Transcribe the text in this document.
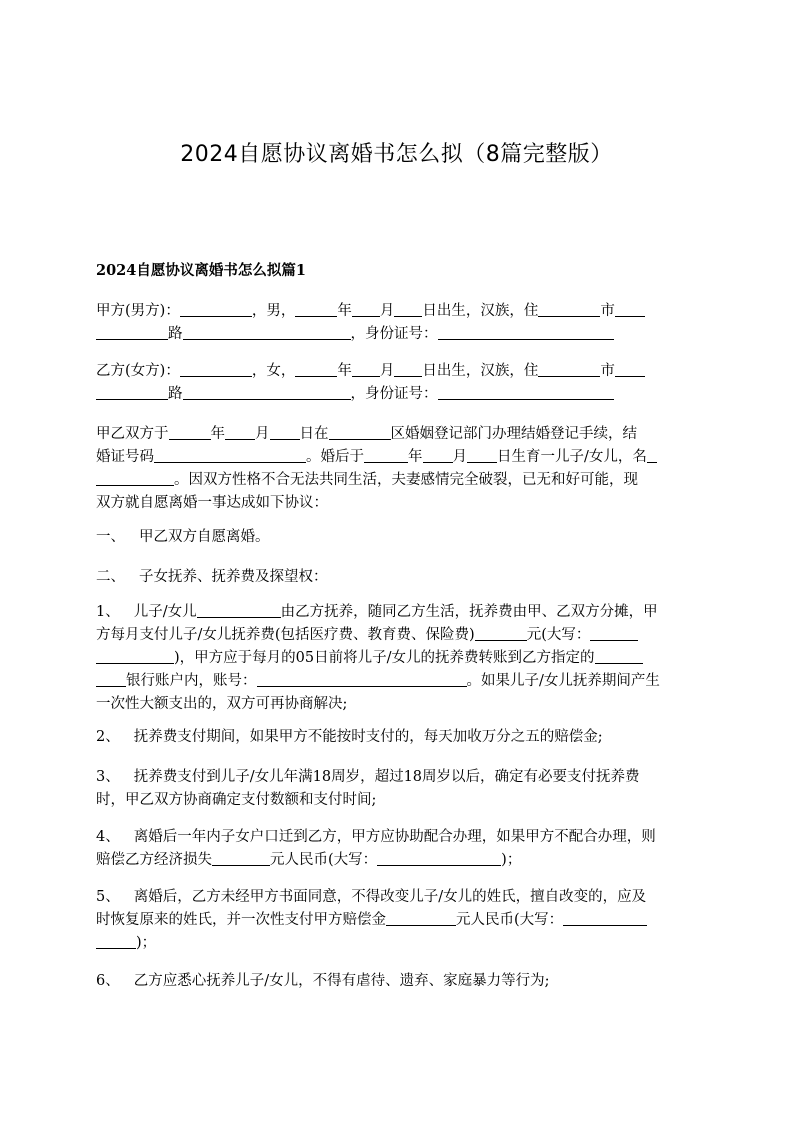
2024自愿协议离婚书怎么拟（8篇完整版）
2024自愿协议离婚书怎么拟篇1
甲方(男方)：	，男，	年 月 日出生，汉族，住	市
路	，身份证号：
乙方(女方)：	，女，	年 月 日出生，汉族，住	市
路	，身份证号：
甲乙双方于	年 月 日在	区婚姻登记部门办理结婚登记手续，结
婚证号码	。婚后于	年 月 日生育一儿子/女儿，名
。因双方性格不合无法共同生活，夫妻感情完全破裂，已无和好可能，现
双方就自愿离婚一事达成如下协议：
一、 甲乙双方自愿离婚。
二、 子女抚养、抚养费及探望权：
1、 儿子/女儿	由乙方抚养，随同乙方生活，抚养费由甲、乙双方分摊，甲
方每月支付儿子/女儿抚养费(包括医疗费、教育费、保险费)	元(大写：
)，甲方应于每月的05日前将儿子/女儿的抚养费转账到乙方指定的
银行账户内，账号：	。如果儿子/女儿抚养期间产生
一次性大额支出的，双方可再协商解决;
2、 抚养费支付期间，如果甲方不能按时支付的，每天加收万分之五的赔偿金;
3、 抚养费支付到儿子/女儿年满18周岁，超过18周岁以后，确定有必要支付抚养费
时，甲乙双方协商确定支付数额和支付时间;
4、 离婚后一年内子女户口迁到乙方，甲方应协助配合办理，如果甲方不配合办理，则
赔偿乙方经济损失	元人民币(大写：	)；
5、 离婚后，乙方未经甲方书面同意，不得改变儿子/女儿的姓氏，擅自改变的，应及
时恢复原来的姓氏，并一次性支付甲方赔偿金	元人民币(大写：
)；
6、 乙方应悉心抚养儿子/女儿，不得有虐待、遗弃、家庭暴力等行为;
